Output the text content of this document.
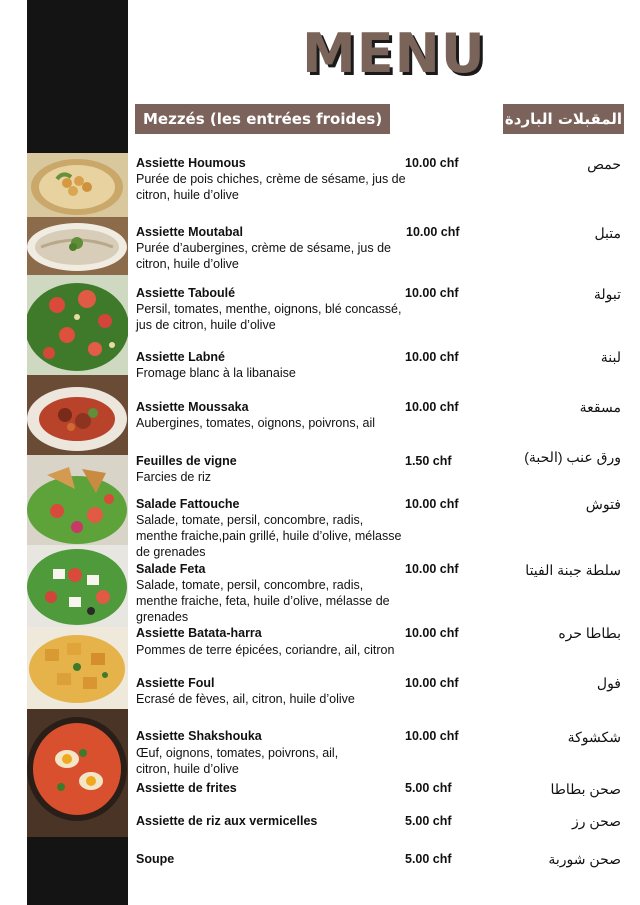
MENU
Mezzés (les entrées froides)	المقبلات الباردة
Assiette Houmous
Purée de pois chiches, crème de sésame, jus de citron, huile d’olive
10.00 chf	حمص
Assiette Moutabal
Purée d’aubergines, crème de sésame, jus de citron, huile d’olive
10.00 chf	متبل
Assiette Taboulé
Persil, tomates, menthe, oignons, blé concassé, jus de citron, huile d’olive
10.00 chf	تبولة
Assiette Labné
Fromage blanc à la libanaise
10.00 chf	لبنة
Assiette Moussaka
Aubergines, tomates, oignons, poivrons, ail
10.00 chf	مسقعة
Feuilles de vigne
Farcies de riz
1.50 chf	ورق عنب (الحبة)
Salade Fattouche
Salade, tomate, persil, concombre, radis, menthe fraiche,pain grillé, huile d’olive, mélasse de grenades
10.00 chf	فتوش
Salade Feta
Salade, tomate, persil, concombre, radis, menthe fraiche, feta, huile d’olive, mélasse de grenades
10.00 chf	سلطة جبنة الفيتا
Assiette Batata-harra
Pommes de terre épicées, coriandre, ail, citron
10.00 chf	بطاطا حره
Assiette Foul
Ecrasé de fèves, ail, citron, huile d’olive
10.00 chf	فول
Assiette Shakshouka
Œuf, oignons, tomates, poivrons, ail, citron, huile d’olive
10.00 chf	شكشوكة
Assiette de frites	5.00 chf	صحن بطاطا
Assiette de riz aux vermicelles	5.00 chf	صحن رز
Soupe	5.00 chf	صحن شوربة
